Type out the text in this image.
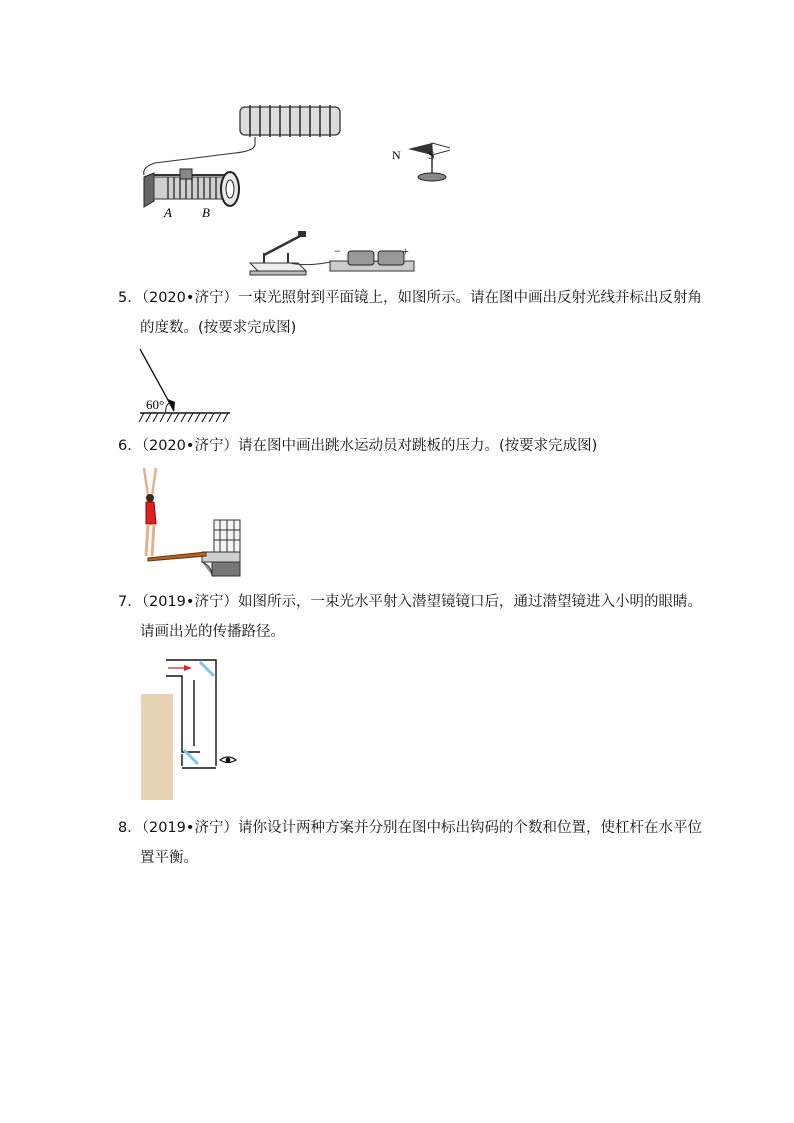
A B
N S
−	+
5．（2020•济宁）一束光照射到平面镜上，如图所示。请在图中画出反射光线并标出反射角
的度数。(按要求完成图)
60°
6．（2020•济宁）请在图中画出跳水运动员对跳板的压力。(按要求完成图)
7．（2019•济宁）如图所示，一束光水平射入潜望镜镜口后，通过潜望镜进入小明的眼睛。
请画出光的传播路径。
8．（2019•济宁）请你设计两种方案并分别在图中标出钩码的个数和位置，使杠杆在水平位
置平衡。
